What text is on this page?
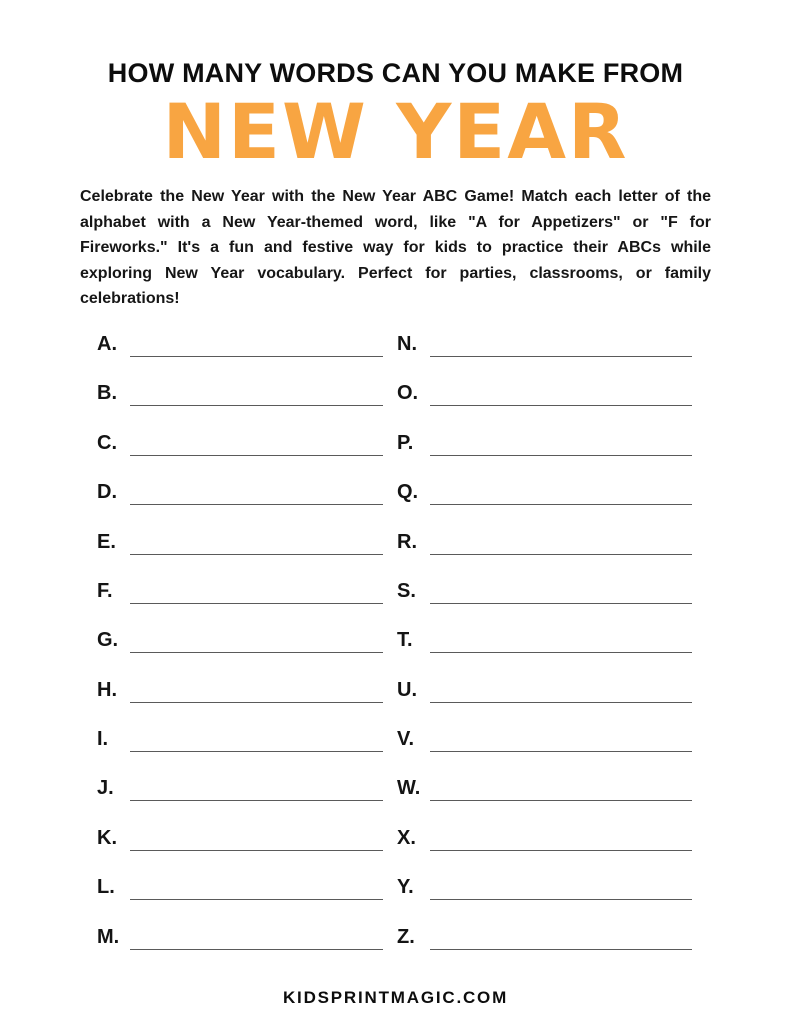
HOW MANY WORDS CAN YOU MAKE FROM
NEW YEAR

Celebrate the New Year with the New Year ABC Game! Match each letter of the alphabet with a New Year-themed word, like "A for Appetizers" or "F for Fireworks." It's a fun and festive way for kids to practice their ABCs while exploring New Year vocabulary. Perfect for parties, classrooms, or family celebrations!

A.
B.
C.
D.
E.
F.
G.
H.
I.
J.
K.
L.
M.
N.
O.
P.
Q.
R.
S.
T.
U.
V.
W.
X.
Y.
Z.
KIDSPRINTMAGIC.COM
